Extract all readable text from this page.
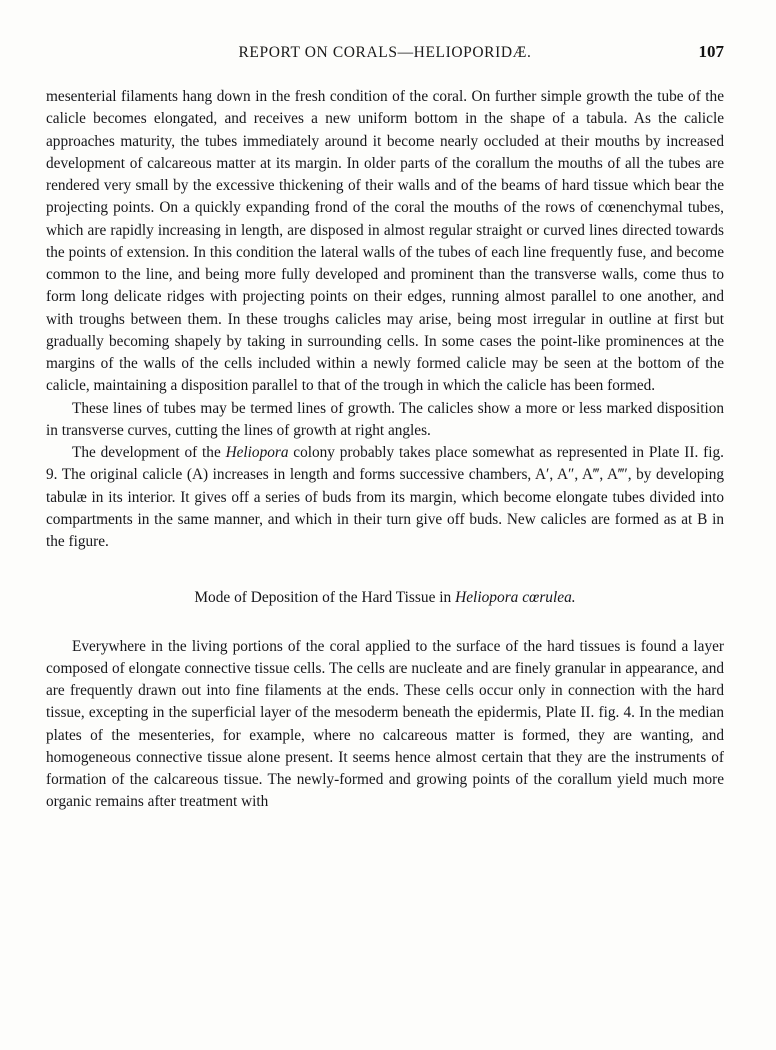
REPORT ON CORALS—HELIOPORIDÆ.	107

mesenterial filaments hang down in the fresh condition of the coral. On further simple growth the tube of the calicle becomes elongated, and receives a new uniform bottom in the shape of a tabula. As the calicle approaches maturity, the tubes immediately around it become nearly occluded at their mouths by increased development of calcareous matter at its margin. In older parts of the corallum the mouths of all the tubes are rendered very small by the excessive thickening of their walls and of the beams of hard tissue which bear the projecting points. On a quickly expanding frond of the coral the mouths of the rows of cœnenchymal tubes, which are rapidly increasing in length, are disposed in almost regular straight or curved lines directed towards the points of extension. In this condition the lateral walls of the tubes of each line frequently fuse, and become common to the line, and being more fully developed and prominent than the transverse walls, come thus to form long delicate ridges with projecting points on their edges, running almost parallel to one another, and with troughs between them. In these troughs calicles may arise, being most irregular in outline at first but gradually becoming shapely by taking in surrounding cells. In some cases the point-like prominences at the margins of the walls of the cells included within a newly formed calicle may be seen at the bottom of the calicle, maintaining a disposition parallel to that of the trough in which the calicle has been formed.

These lines of tubes may be termed lines of growth. The calicles show a more or less marked disposition in transverse curves, cutting the lines of growth at right angles.

The development of the Heliopora colony probably takes place somewhat as represented in Plate II. fig. 9. The original calicle (A) increases in length and forms successive chambers, A′, A″, A‴, A‴′, by developing tabulæ in its interior. It gives off a series of buds from its margin, which become elongate tubes divided into compartments in the same manner, and which in their turn give off buds. New calicles are formed as at B in the figure.

Mode of Deposition of the Hard Tissue in Heliopora cœrulea.

Everywhere in the living portions of the coral applied to the surface of the hard tissues is found a layer composed of elongate connective tissue cells. The cells are nucleate and are finely granular in appearance, and are frequently drawn out into fine filaments at the ends. These cells occur only in connection with the hard tissue, excepting in the superficial layer of the mesoderm beneath the epidermis, Plate II. fig. 4. In the median plates of the mesenteries, for example, where no calcareous matter is formed, they are wanting, and homogeneous connective tissue alone present. It seems hence almost certain that they are the instruments of formation of the calcareous tissue. The newly-formed and growing points of the corallum yield much more organic remains after treatment with
